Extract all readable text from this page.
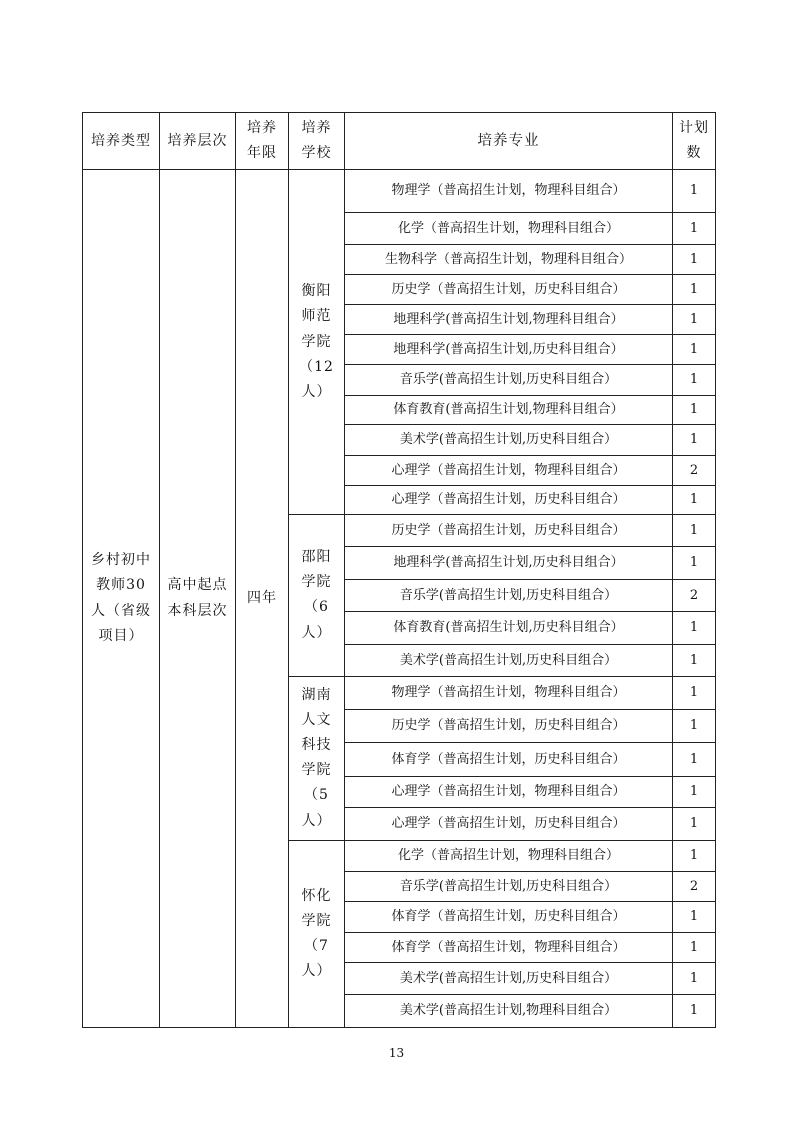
培养类型	培养层次	培养年限	培养学校	培养专业	计划数
乡村初中教师30人（省级项目）	高中起点本科层次	四年	衡阳师范学院（12人）	物理学（普高招生计划，物理科目组合）	1
				化学（普高招生计划，物理科目组合）	1
				生物科学（普高招生计划，物理科目组合）	1
				历史学（普高招生计划，历史科目组合）	1
				地理科学(普高招生计划,物理科目组合）	1
				地理科学(普高招生计划,历史科目组合）	1
				音乐学(普高招生计划,历史科目组合）	1
				体育教育(普高招生计划,物理科目组合）	1
				美术学(普高招生计划,历史科目组合）	1
				心理学（普高招生计划，物理科目组合）	2
				心理学（普高招生计划，历史科目组合）	1
			邵阳学院（6人）	历史学（普高招生计划，历史科目组合）	1
				地理科学(普高招生计划,历史科目组合）	1
				音乐学(普高招生计划,历史科目组合）	2
				体育教育(普高招生计划,历史科目组合）	1
				美术学(普高招生计划,历史科目组合）	1
			湖南人文科技学院（5人）	物理学（普高招生计划，物理科目组合）	1
				历史学（普高招生计划，历史科目组合）	1
				体育学（普高招生计划，历史科目组合）	1
				心理学（普高招生计划，物理科目组合）	1
				心理学（普高招生计划，历史科目组合）	1
			怀化学院（7人）	化学（普高招生计划，物理科目组合）	1
				音乐学(普高招生计划,历史科目组合）	2
				体育学（普高招生计划，历史科目组合）	1
				体育学（普高招生计划，物理科目组合）	1
				美术学(普高招生计划,历史科目组合）	1
				美术学(普高招生计划,物理科目组合）	1
13
